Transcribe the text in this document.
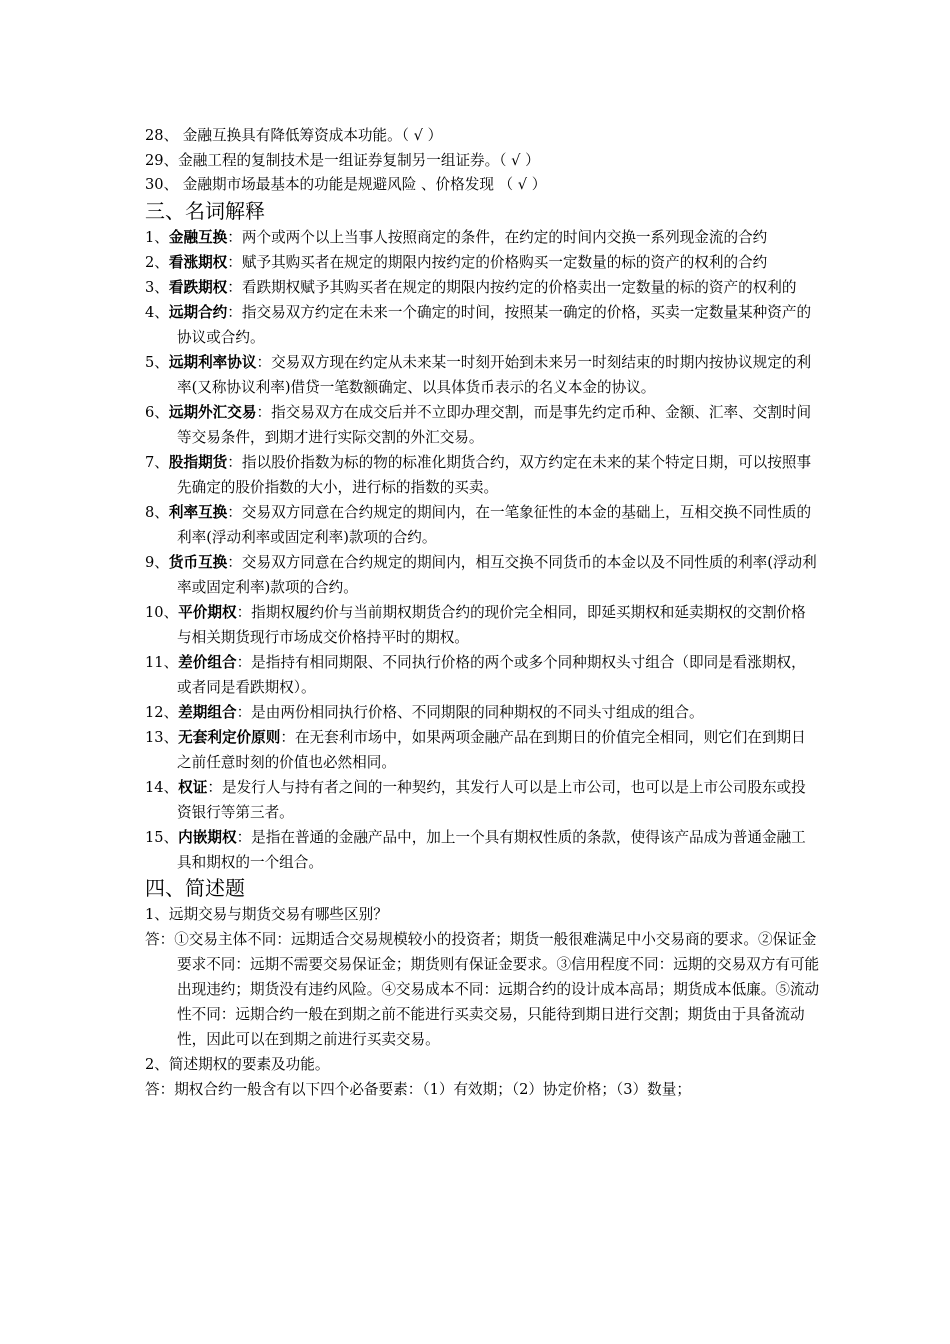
28、 金融互换具有降低筹资成本功能。（ √ ）
29、金融工程的复制技术是一组证券复制另一组证券。（ √ ）
30、 金融期市场最基本的功能是规避风险 、价格发现 （ √ ）
三、名词解释
1、金融互换：两个或两个以上当事人按照商定的条件，在约定的时间内交换一系列现金流的合约
2、看涨期权：赋予其购买者在规定的期限内按约定的价格购买一定数量的标的资产的权利的合约
3、看跌期权：看跌期权赋予其购买者在规定的期限内按约定的价格卖出一定数量的标的资产的权利的
4、远期合约：指交易双方约定在未来一个确定的时间，按照某一确定的价格，买卖一定数量某种资产的协议或合约。
5、远期利率协议：交易双方现在约定从未来某一时刻开始到未来另一时刻结束的时期内按协议规定的利率(又称协议利率)借贷一笔数额确定、以具体货币表示的名义本金的协议。
6、远期外汇交易：指交易双方在成交后并不立即办理交割，而是事先约定币种、金额、汇率、交割时间等交易条件，到期才进行实际交割的外汇交易。
7、股指期货：指以股价指数为标的物的标准化期货合约，双方约定在未来的某个特定日期，可以按照事先确定的股价指数的大小，进行标的指数的买卖。
8、利率互换：交易双方同意在合约规定的期间内，在一笔象征性的本金的基础上，互相交换不同性质的利率(浮动利率或固定利率)款项的合约。
9、货币互换：交易双方同意在合约规定的期间内，相互交换不同货币的本金以及不同性质的利率(浮动利率或固定利率)款项的合约。
10、平价期权：指期权履约价与当前期权期货合约的现价完全相同，即延买期权和延卖期权的交割价格与相关期货现行市场成交价格持平时的期权。
11、差价组合：是指持有相同期限、不同执行价格的两个或多个同种期权头寸组合（即同是看涨期权，或者同是看跌期权）。
12、差期组合：是由两份相同执行价格、不同期限的同种期权的不同头寸组成的组合。
13、无套利定价原则：在无套利市场中，如果两项金融产品在到期日的价值完全相同，则它们在到期日之前任意时刻的价值也必然相同。
14、权证：是发行人与持有者之间的一种契约，其发行人可以是上市公司，也可以是上市公司股东或投资银行等第三者。
15、内嵌期权：是指在普通的金融产品中，加上一个具有期权性质的条款，使得该产品成为普通金融工具和期权的一个组合。
四、简述题
1、远期交易与期货交易有哪些区别？
答：①交易主体不同：远期适合交易规模较小的投资者；期货一般很难满足中小交易商的要求。②保证金要求不同：远期不需要交易保证金；期货则有保证金要求。③信用程度不同：远期的交易双方有可能出现违约；期货没有违约风险。④交易成本不同：远期合约的设计成本高昂；期货成本低廉。⑤流动性不同：远期合约一般在到期之前不能进行买卖交易，只能待到期日进行交割；期货由于具备流动性，因此可以在到期之前进行买卖交易。
2、简述期权的要素及功能。
答：期权合约一般含有以下四个必备要素：（1）有效期；（2）协定价格；（3）数量；
